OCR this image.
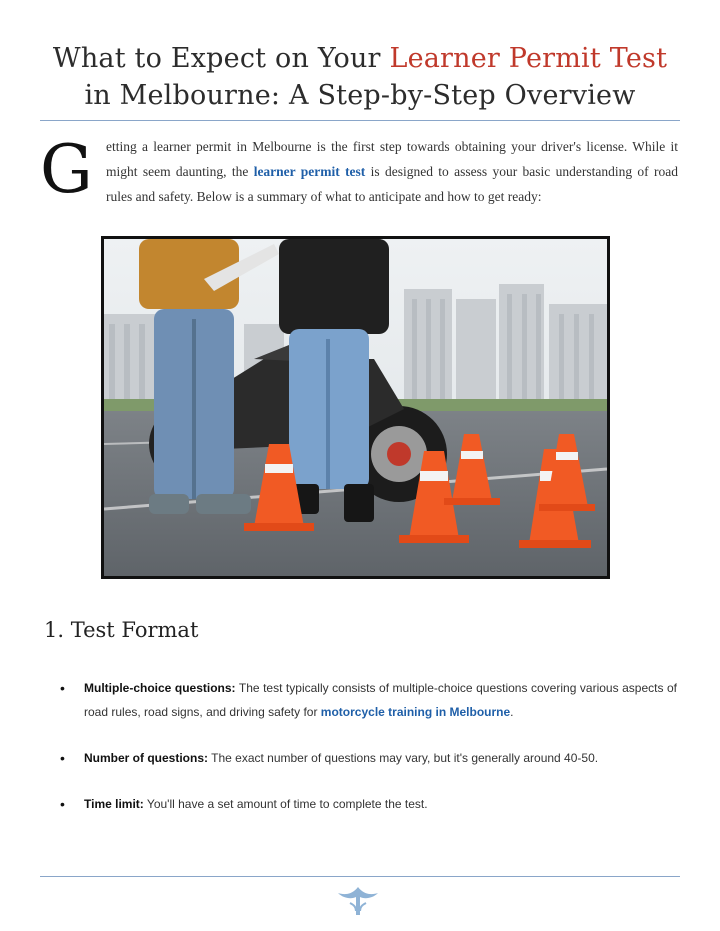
What to Expect on Your Learner Permit Test
in Melbourne: A Step-by-Step Overview
G etting a learner permit in Melbourne is the first step towards obtaining your driver's license. While it might seem daunting, the learner permit test is designed to assess your basic understanding of road rules and safety. Below is a summary of what to anticipate and how to get ready:
1. Test Format
• Multiple-choice questions: The test typically consists of multiple-choice questions covering various aspects of road rules, road signs, and driving safety for motorcycle training in Melbourne.
• Number of questions: The exact number of questions may vary, but it's generally around 40-50.
• Time limit: You'll have a set amount of time to complete the test.
